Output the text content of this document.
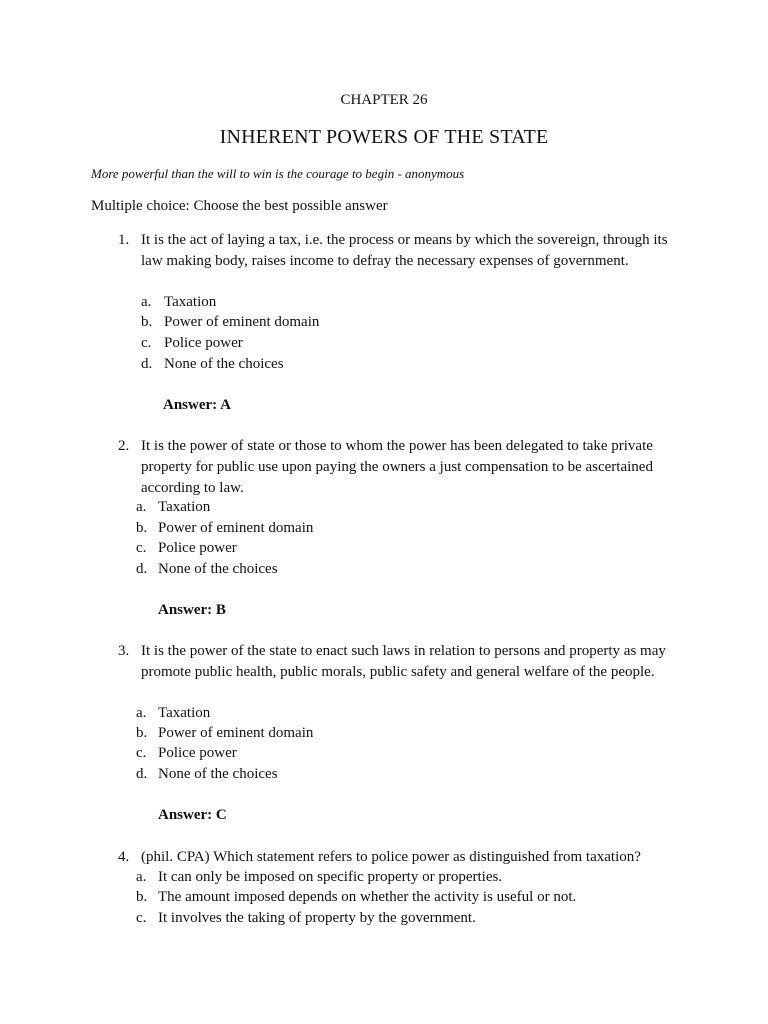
CHAPTER 26
INHERENT POWERS OF THE STATE
More powerful than the will to win is the courage to begin - anonymous
Multiple choice: Choose the best possible answer
1. It is the act of laying a tax, i.e. the process or means by which the sovereign, through its
law making body, raises income to defray the necessary expenses of government.
a. Taxation
b. Power of eminent domain
c. Police power
d. None of the choices
Answer: A
2. It is the power of state or those to whom the power has been delegated to take private
property for public use upon paying the owners a just compensation to be ascertained
according to law.
a. Taxation
b. Power of eminent domain
c. Police power
d. None of the choices
Answer: B
3. It is the power of the state to enact such laws in relation to persons and property as may
promote public health, public morals, public safety and general welfare of the people.
a. Taxation
b. Power of eminent domain
c. Police power
d. None of the choices
Answer: C
4. (phil. CPA) Which statement refers to police power as distinguished from taxation?
a. It can only be imposed on specific property or properties.
b. The amount imposed depends on whether the activity is useful or not.
c. It involves the taking of property by the government.
